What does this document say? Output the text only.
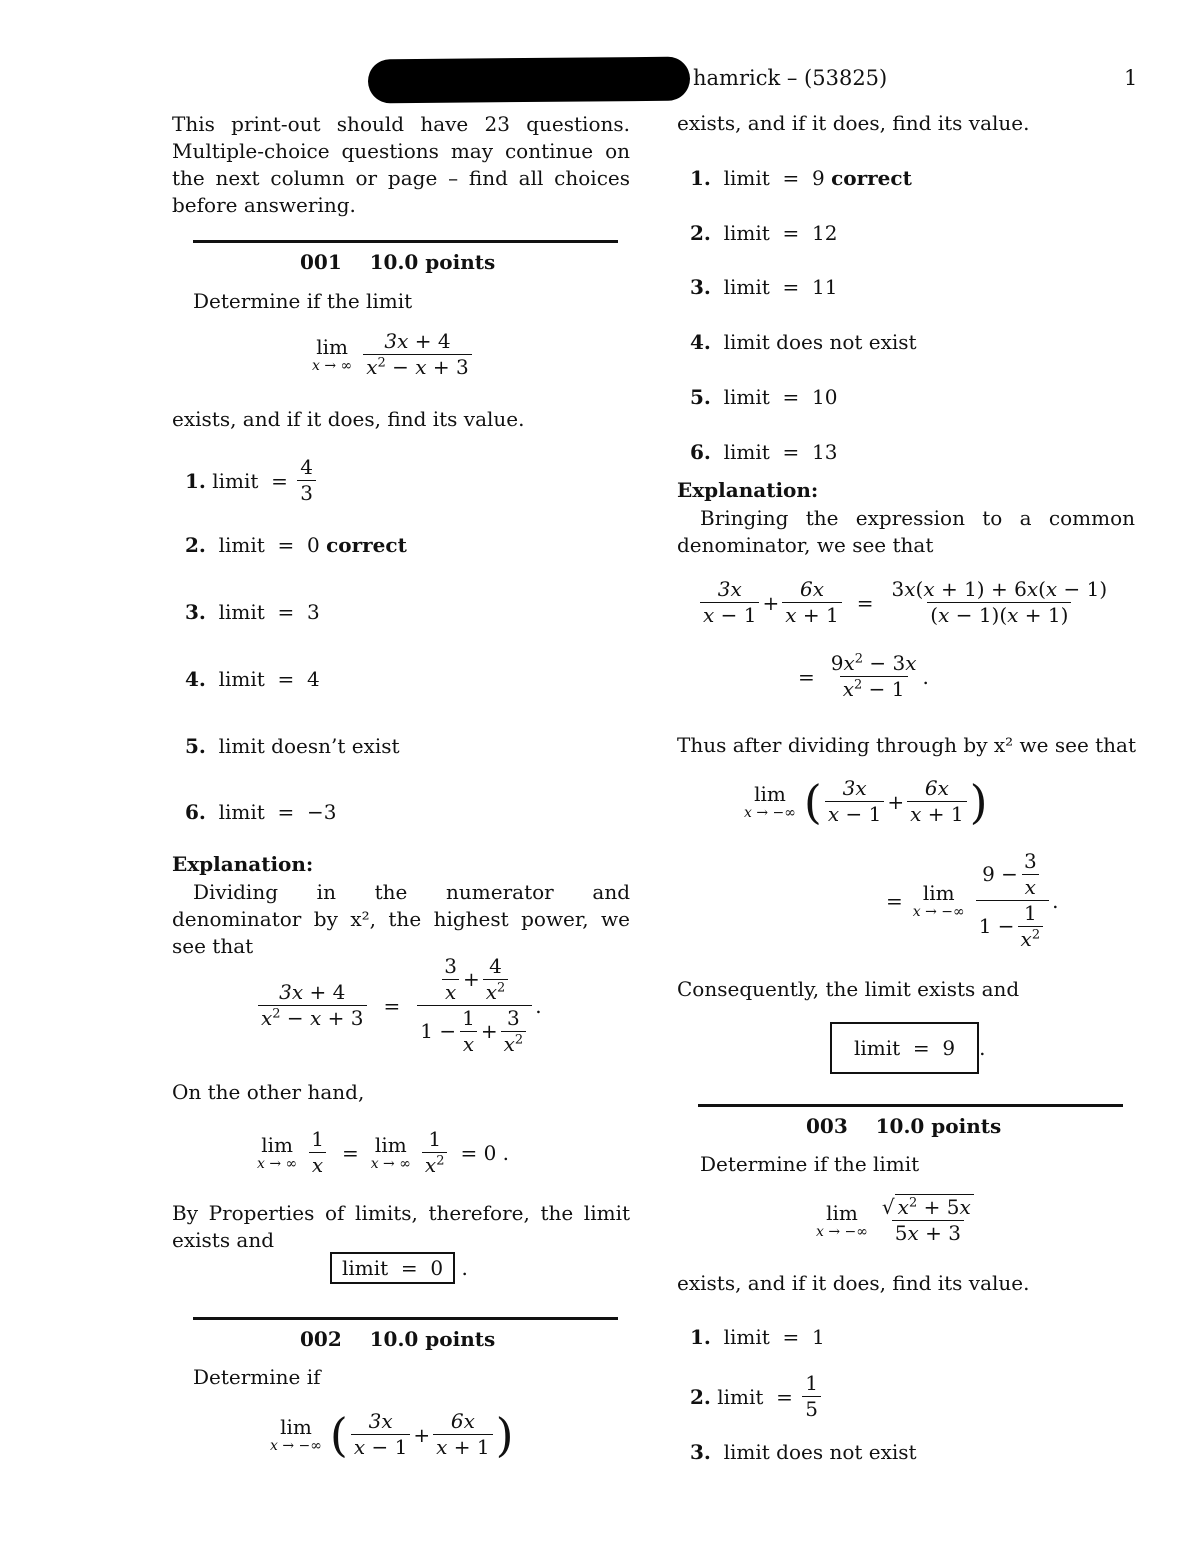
hamrick – (53825)	1
This print-out should have 23 questions. Multiple-choice questions may continue on the next column or page – find all choices before answering.
001 10.0 points
Determine if the limit
lim
x → ∞ $\frac{3x + 4}{x^2 - x + 3}$
exists, and if it does, find its value.
1.
limit  =
$\frac{4}{3}$
2. limit  =  0 correct
3. limit  =  3
4. limit  =  4
5. limit doesn’t exist
6. limit  =  −3
Explanation:
Dividing in the numerator and denominator by x², the highest power, we see that
$\frac{3x + 4}{x^2 - x + 3} = \frac{\frac{3}{x} + \frac{4}{x^2}}{1 - \frac{1}{x} + \frac{3}{x^2}}$ .
On the other hand,
lim
x → ∞ $\frac{1}{x} = \lim$
x → ∞ $\frac{1}{x^2} = 0$ .
By Properties of limits, therefore, the limit exists and
limit  =  0 .
002 10.0 points
Determine if
lim
x → −∞ ( $\frac{3x}{x - 1} + \frac{6x}{x + 1}$ )
exists, and if it does, find its value.
1. limit  =  9 correct
2. limit  =  12
3. limit  =  11
4. limit does not exist
5. limit  =  10
6. limit  =  13
Explanation:
Bringing the expression to a common denominator, we see that
$\frac{3x}{x - 1} + \frac{6x}{x + 1} = \frac{3x(x + 1) + 6x(x - 1)}{(x - 1)(x + 1)}$
= $\frac{9x^2 - 3x}{x^2 - 1}$ .
Thus after dividing through by x² we see that
lim
x → −∞ ( $\frac{3x}{x - 1} + \frac{6x}{x + 1}$ )
= lim
x → −∞ $\frac{9 - \frac{3}{x}}{1 - \frac{1}{x^2}}$ .
Consequently, the limit exists and
limit  =  9	.
003 10.0 points
Determine if the limit
lim
x → −∞ $\frac{√ x^2 + 5x}{5x + 3}$
exists, and if it does, find its value.
1. limit  =  1
2.
limit  =
$\frac{1}{5}$
3. limit does not exist
